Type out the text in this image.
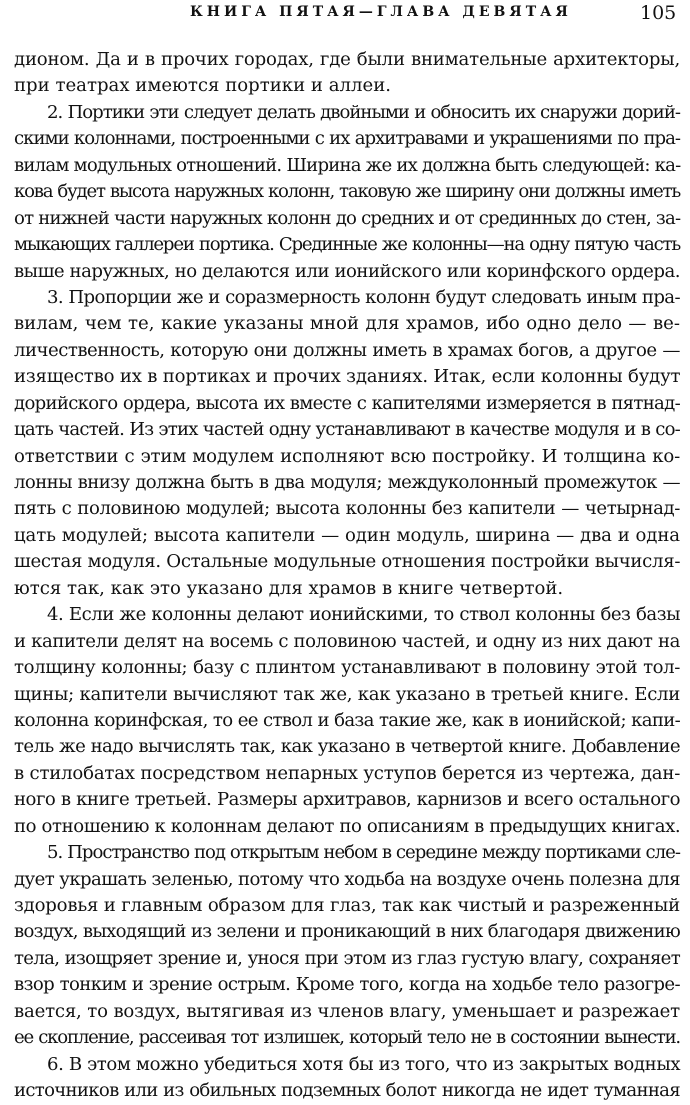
КНИГА ПЯТАЯ—ГЛАВА ДЕВЯТАЯ	105
дионом. Да и в прочих городах, где были внимательные архитекторы,
при театрах имеются портики и аллеи.
2. Портики эти следует делать двойными и обносить их снаружи дорий-
скими колоннами, построенными с их архитравами и украшениями по пра-
вилам модульных отношений. Ширина же их должна быть следующей: ка-
кова будет высота наружных колонн, таковую же ширину они должны иметь
от нижней части наружных колонн до средних и от срединных до стен, за-
мыкающих галлереи портика. Срединные же колонны—на одну пятую часть
выше наружных, но делаются или ионийского или коринфского ордера.
3. Пропорции же и соразмерность колонн будут следовать иным пра-
вилам, чем те, какие указаны мной для храмов, ибо одно дело — ве-
личественность, которую они должны иметь в храмах богов, а другое —
изящество их в портиках и прочих зданиях. Итак, если колонны будут
дорийского ордера, высота их вместе с капителями измеряется в пятнад-
цать частей. Из этих частей одну устанавливают в качестве модуля и в со-
ответствии с этим модулем исполняют всю постройку. И толщина ко-
лонны внизу должна быть в два модуля; междуколонный промежуток —
пять с половиною модулей; высота колонны без капители — четырнад-
цать модулей; высота капители — один модуль, ширина — два и одна
шестая модуля. Остальные модульные отношения постройки вычисля-
ются так, как это указано для храмов в книге четвертой.
4. Если же колонны делают ионийскими, то ствол колонны без базы
и капители делят на восемь с половиною частей, и одну из них дают на
толщину колонны; базу с плинтом устанавливают в половину этой тол-
щины; капители вычисляют так же, как указано в третьей книге. Если
колонна коринфская, то ее ствол и база такие же, как в ионийской; капи-
тель же надо вычислять так, как указано в четвертой книге. Добавление
в стилобатах посредством непарных уступов берется из чертежа, дан-
ного в книге третьей. Размеры архитравов, карнизов и всего остального
по отношению к колоннам делают по описаниям в предыдущих книгах.
5. Пространство под открытым небом в середине между портиками сле-
дует украшать зеленью, потому что ходьба на воздухе очень полезна для
здоровья и главным образом для глаз, так как чистый и разреженный
воздух, выходящий из зелени и проникающий в них благодаря движению
тела, изощряет зрение и, унося при этом из глаз густую влагу, сохраняет
взор тонким и зрение острым. Кроме того, когда на ходьбе тело разогре-
вается, то воздух, вытягивая из членов влагу, уменьшает и разрежает
ее скопление, рассеивая тот излишек, который тело не в состоянии вынести.
6. В этом можно убедиться хотя бы из того, что из закрытых водных
источников или из обильных подземных болот никогда не идет туманная
